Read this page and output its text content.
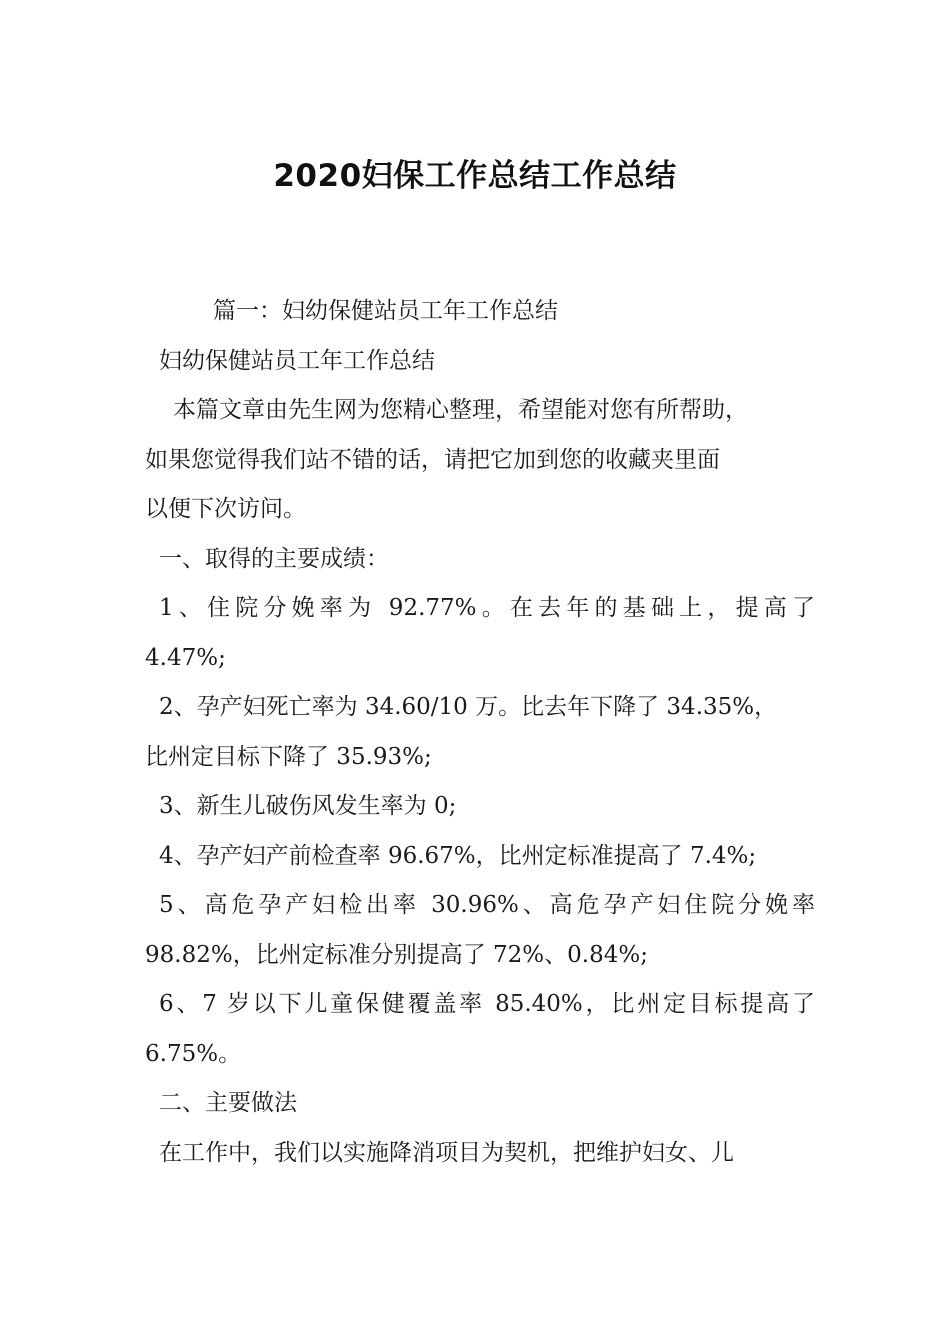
2020妇保工作总结工作总结
篇一：妇幼保健站员工年工作总结
妇幼保健站员工年工作总结
本篇文章由先生网为您精心整理，希望能对您有所帮助，
如果您觉得我们站不错的话，请把它加到您的收藏夹里面
以便下次访问。
一、取得的主要成绩：
1、住院分娩率为 92.77%。在去年的基础上，提高了
4.47%;
2、孕产妇死亡率为 34.60/10 万。比去年下降了 34.35%，
比州定目标下降了 35.93%;
3、新生儿破伤风发生率为 0;
4、孕产妇产前检查率 96.67%，比州定标准提高了 7.4%;
5、高危孕产妇检出率 30.96%、高危孕产妇住院分娩率
98.82%，比州定标准分别提高了 72%、0.84%;
6、7 岁以下儿童保健覆盖率 85.40%，比州定目标提高了
6.75%。
二、主要做法
在工作中，我们以实施降消项目为契机，把维护妇女、儿
